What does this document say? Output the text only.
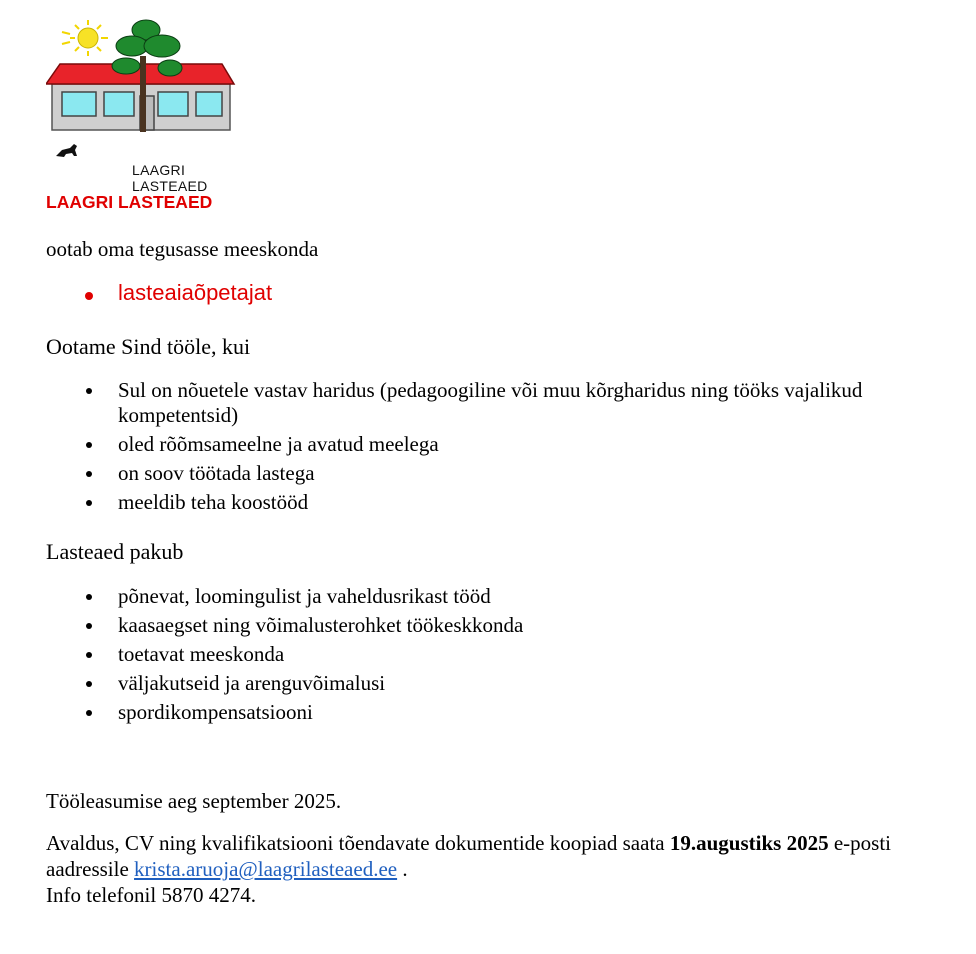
LAAGRI LASTEAED

LAAGRI LASTEAED

ootab oma tegusasse meeskonda

lasteaiaõpetajat
Ootame Sind tööle, kui
Sul on nõuetele vastav haridus (pedagoogiline või muu kõrgharidus ning tööks vajalikud kompetentsid)
oled rõõmsameelne ja avatud meelega
on soov töötada lastega
meeldib teha koostööd
Lasteaed pakub
põnevat, loomingulist ja vaheldusrikast tööd
kaasaegset ning võimalusterohket töökeskkonda
toetavat meeskonda
väljakutseid ja arenguvõimalusi
spordikompensatsiooni

Tööleasumise aeg september 2025.

Avaldus, CV ning kvalifikatsiooni tõendavate dokumentide koopiad saata 19.augustiks 2025 e-posti aadressile krista.aruoja@laagrilasteaed.ee .
Info telefonil 5870 4274.
